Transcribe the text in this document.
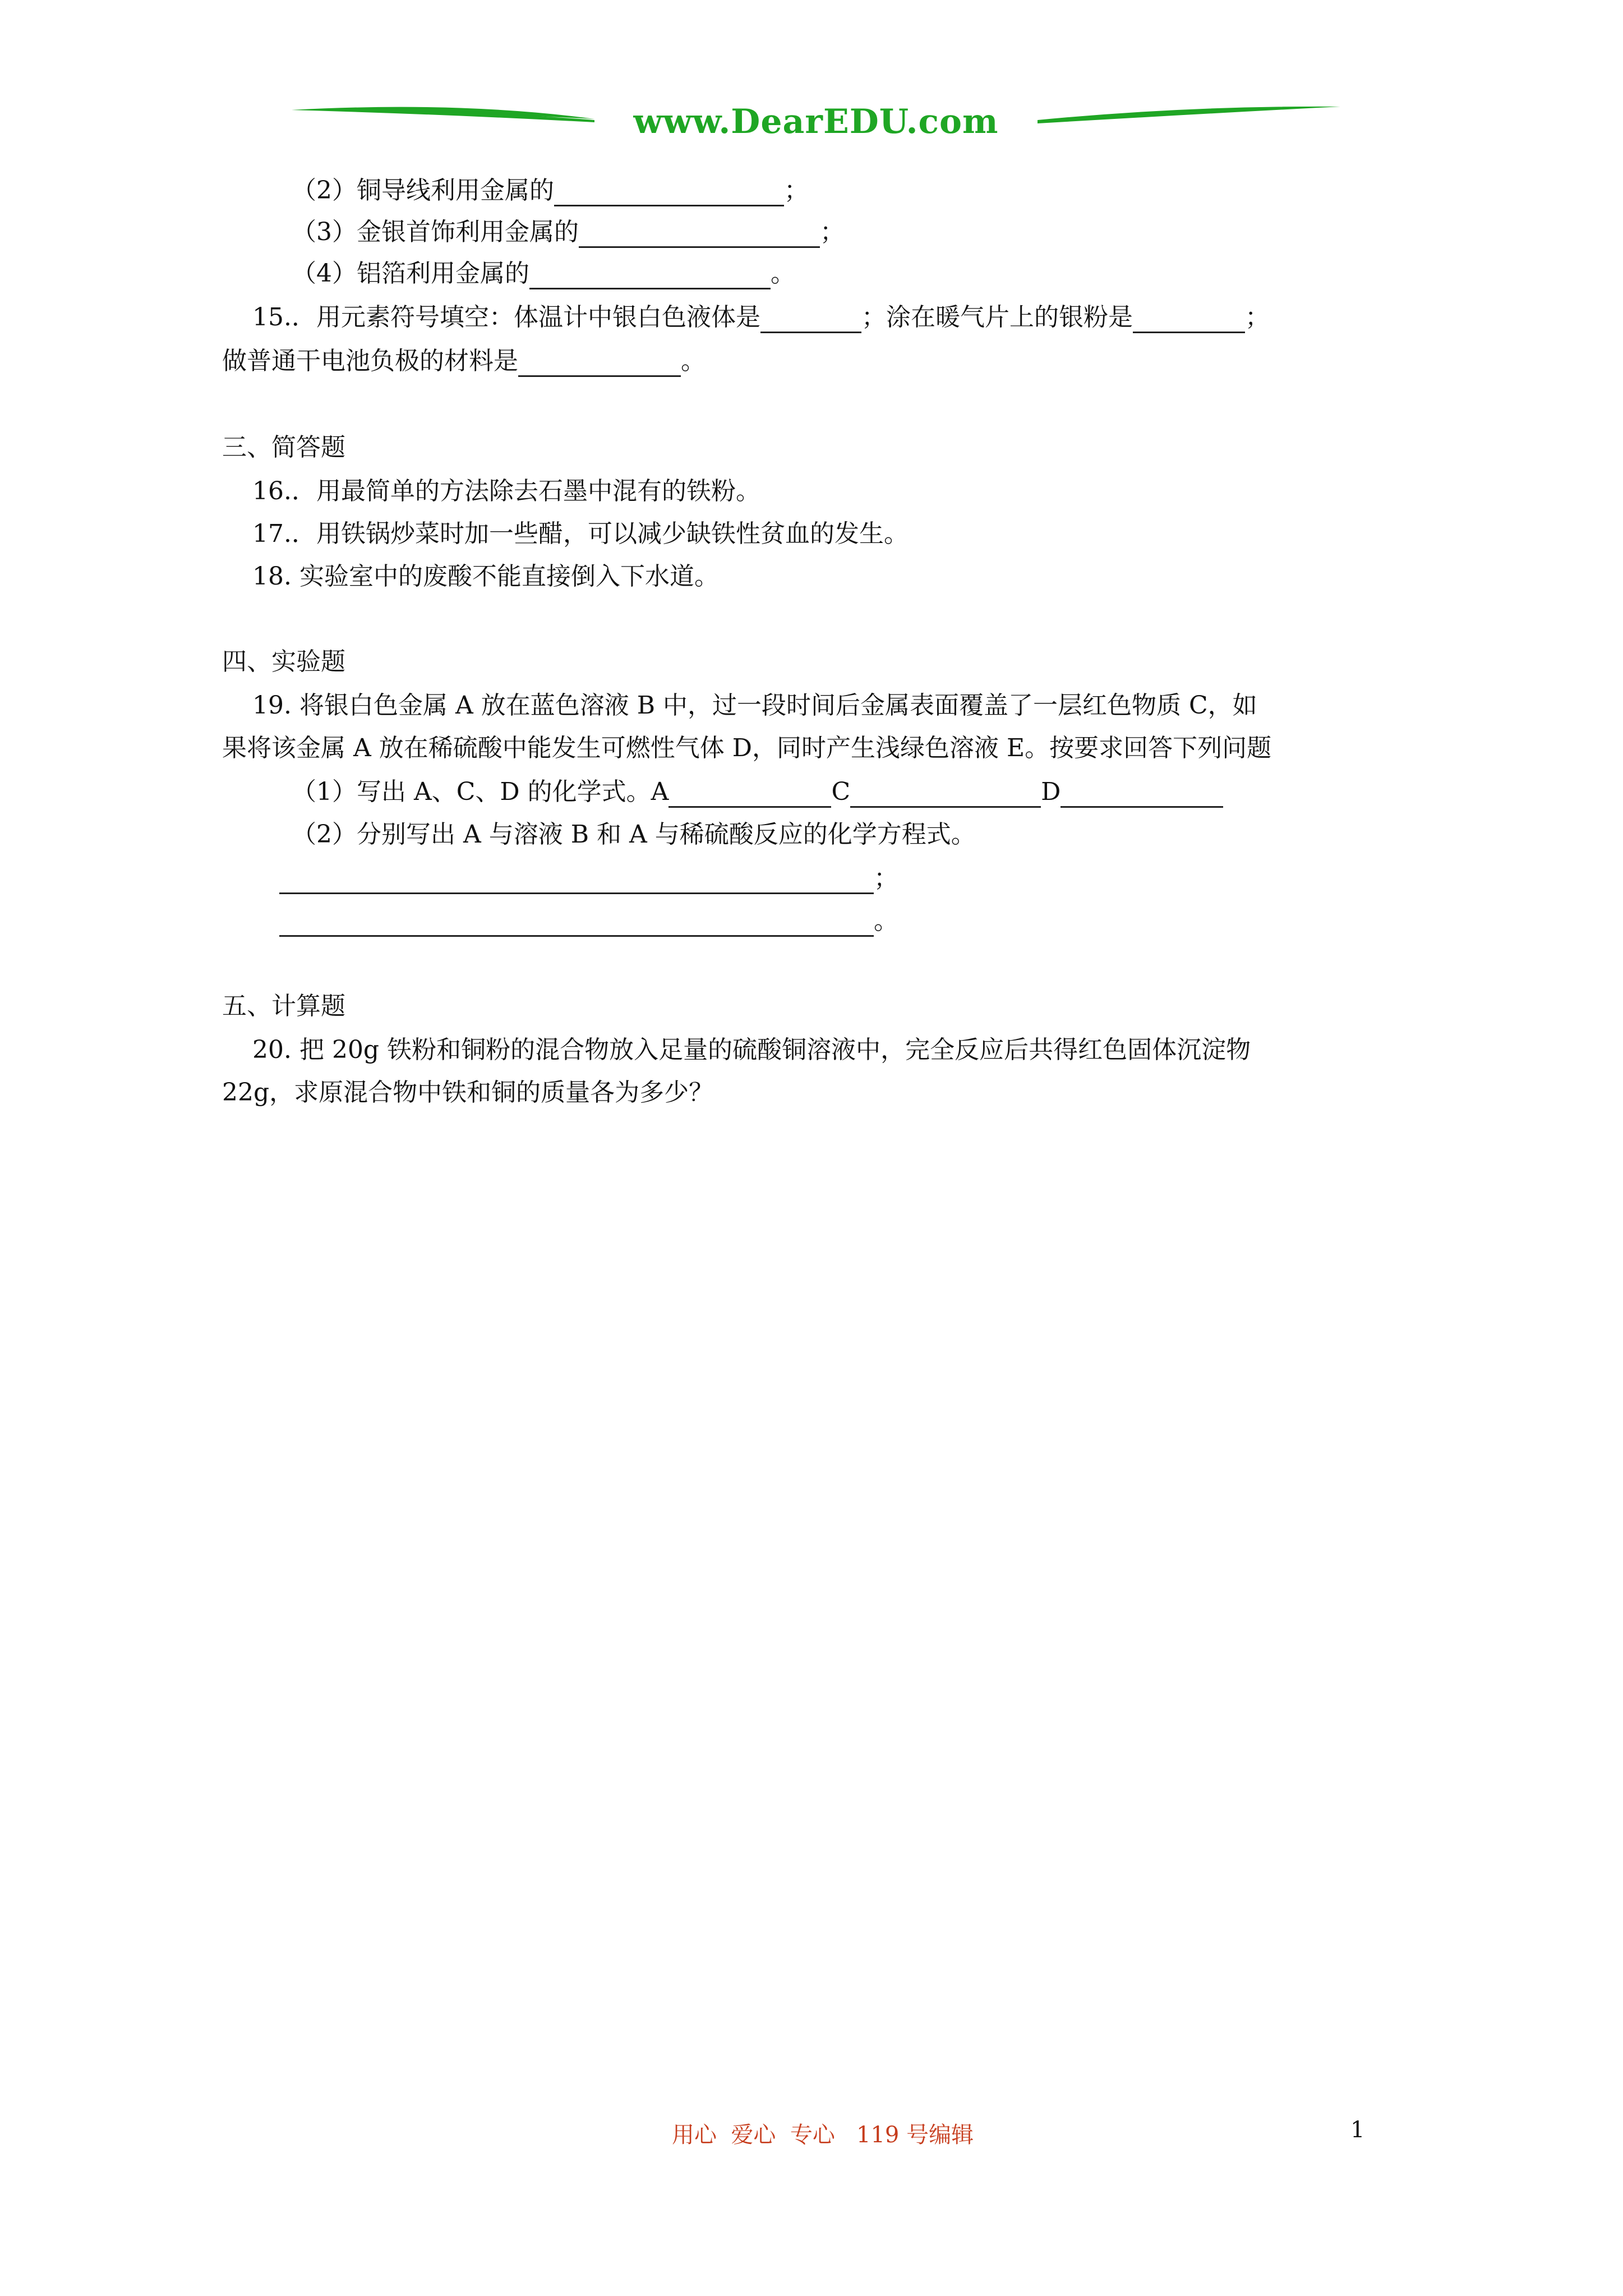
www.DearEDU.com
（2）铜导线利用金属的	；
（3）金银首饰利用金属的	；
（4）铝箔利用金属的	。
15.．用元素符号填空：体温计中银白色液体是	；涂在暖气片上的银粉是	；
做普通干电池负极的材料是	。
三、简答题
16.．用最简单的方法除去石墨中混有的铁粉。
17.．用铁锅炒菜时加一些醋，可以减少缺铁性贫血的发生。
18. 实验室中的废酸不能直接倒入下水道。
四、实验题
19. 将银白色金属 A 放在蓝色溶液 B 中，过一段时间后金属表面覆盖了一层红色物质 C，如
果将该金属 A 放在稀硫酸中能发生可燃性气体 D，同时产生浅绿色溶液 E。按要求回答下列问题
（1）写出 A、C、D 的化学式。A	C	D
（2）分别写出 A 与溶液 B 和 A 与稀硫酸反应的化学方程式。
；
。
五、计算题
20. 把 20g 铁粉和铜粉的混合物放入足量的硫酸铜溶液中，完全反应后共得红色固体沉淀物
22g，求原混合物中铁和铜的质量各为多少？
用心  爱心  专心   119 号编辑	1
